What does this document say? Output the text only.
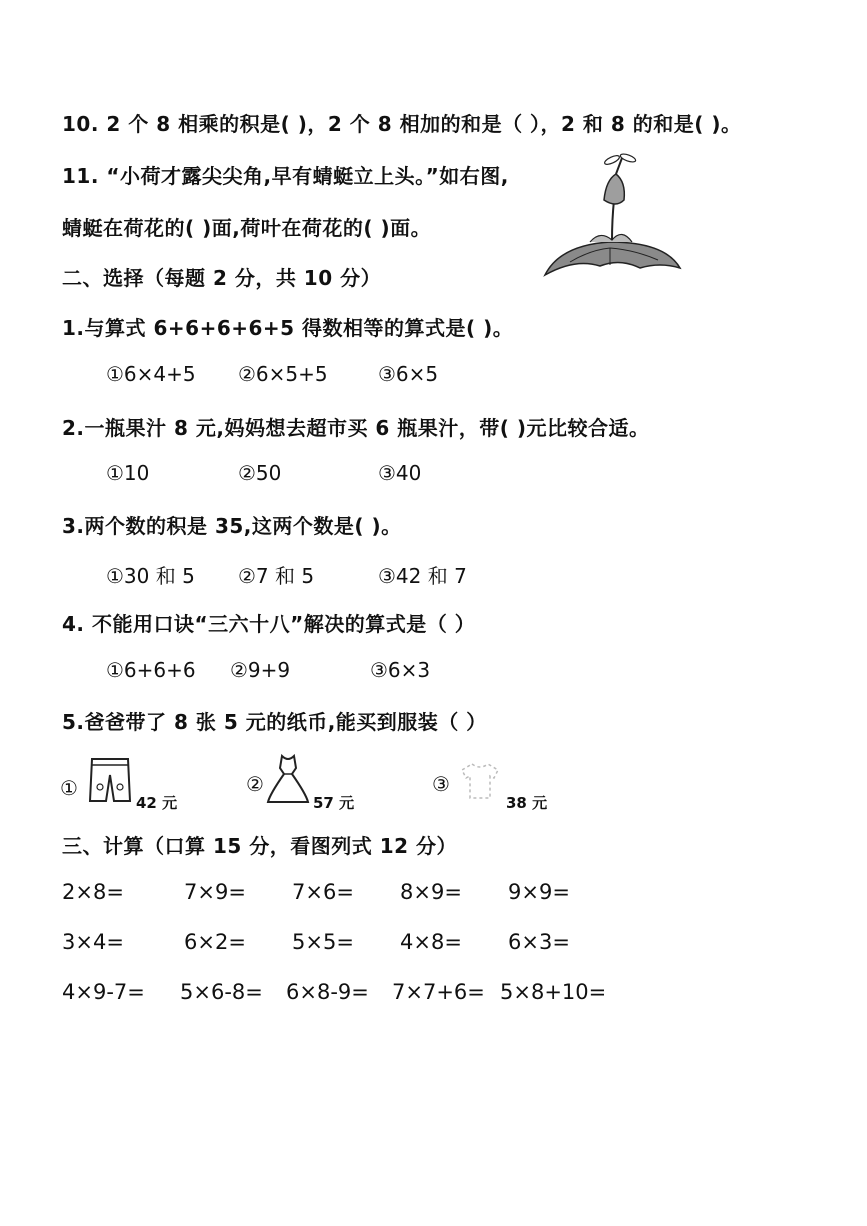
10. 2 个 8 相乘的积是( )，2 个 8 相加的和是（ ），2 和 8 的和是( )。
11. “小荷才露尖尖角,早有蜻蜓立上头。”如右图,
蜻蜓在荷花的( )面,荷叶在荷花的( )面。
二、选择（每题 2 分，共 10 分）
1.与算式 6+6+6+6+5 得数相等的算式是( )。
①6×4+5 ②6×5+5	③6×5
2.一瓶果汁 8 元,妈妈想去超市买 6 瓶果汁，带( )元比较合适。
①10	②50	③40
3.两个数的积是 35,这两个数是( )。
①30 和 5 ②7 和 5	③42 和 7
4. 不能用口诀“三六十八”解决的算式是（ ）
①6+6+6 ②9+9	③6×3
5.爸爸带了 8 张 5 元的纸币,能买到服装（ ）
①
42 元
②
57 元
③
38 元
三、计算（口算 15 分，看图列式 12 分）
2×8=	7×9= 7×6= 8×9= 9×9=
3×4=	6×2= 5×5= 4×8= 6×3=
4×9-7= 5×6-8= 6×8-9= 7×7+6= 5×8+10=
